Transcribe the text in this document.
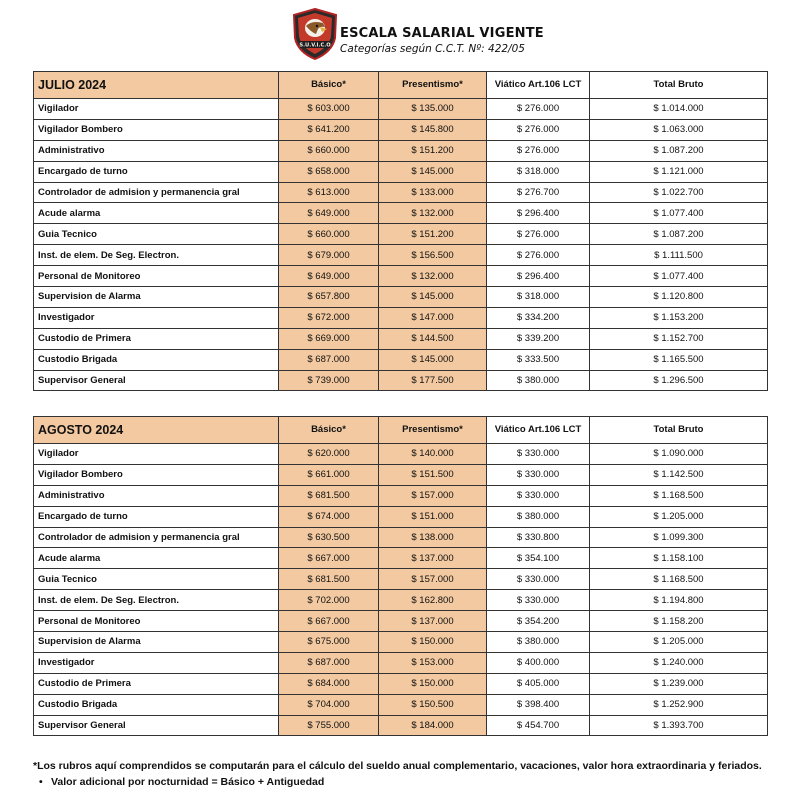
S.U.V.I.C.O
ESCALA SALARIAL VIGENTE
Categorías según C.C.T. Nº: 422/05
JULIO 2024	Básico*	Presentismo*	Viático Art.106 LCT	Total Bruto
Vigilador	$ 603.000	$ 135.000	$ 276.000	$ 1.014.000
Vigilador Bombero	$ 641.200	$ 145.800	$ 276.000	$ 1.063.000
Administrativo	$ 660.000	$ 151.200	$ 276.000	$ 1.087.200
Encargado de turno	$ 658.000	$ 145.000	$ 318.000	$ 1.121.000
Controlador de admision y permanencia gral	$ 613.000	$ 133.000	$ 276.700	$ 1.022.700
Acude alarma	$ 649.000	$ 132.000	$ 296.400	$ 1.077.400
Guia Tecnico	$ 660.000	$ 151.200	$ 276.000	$ 1.087.200
Inst. de elem. De Seg. Electron.	$ 679.000	$ 156.500	$ 276.000	$ 1.111.500
Personal de Monitoreo	$ 649.000	$ 132.000	$ 296.400	$ 1.077.400
Supervision de Alarma	$ 657.800	$ 145.000	$ 318.000	$ 1.120.800
Investigador	$ 672.000	$ 147.000	$ 334.200	$ 1.153.200
Custodio de Primera	$ 669.000	$ 144.500	$ 339.200	$ 1.152.700
Custodio Brigada	$ 687.000	$ 145.000	$ 333.500	$ 1.165.500
Supervisor General	$ 739.000	$ 177.500	$ 380.000	$ 1.296.500
AGOSTO 2024	Básico*	Presentismo*	Viático Art.106 LCT	Total Bruto
Vigilador	$ 620.000	$ 140.000	$ 330.000	$ 1.090.000
Vigilador Bombero	$ 661.000	$ 151.500	$ 330.000	$ 1.142.500
Administrativo	$ 681.500	$ 157.000	$ 330.000	$ 1.168.500
Encargado de turno	$ 674.000	$ 151.000	$ 380.000	$ 1.205.000
Controlador de admision y permanencia gral	$ 630.500	$ 138.000	$ 330.800	$ 1.099.300
Acude alarma	$ 667.000	$ 137.000	$ 354.100	$ 1.158.100
Guia Tecnico	$ 681.500	$ 157.000	$ 330.000	$ 1.168.500
Inst. de elem. De Seg. Electron.	$ 702.000	$ 162.800	$ 330.000	$ 1.194.800
Personal de Monitoreo	$ 667.000	$ 137.000	$ 354.200	$ 1.158.200
Supervision de Alarma	$ 675.000	$ 150.000	$ 380.000	$ 1.205.000
Investigador	$ 687.000	$ 153.000	$ 400.000	$ 1.240.000
Custodio de Primera	$ 684.000	$ 150.000	$ 405.000	$ 1.239.000
Custodio Brigada	$ 704.000	$ 150.500	$ 398.400	$ 1.252.900
Supervisor General	$ 755.000	$ 184.000	$ 454.700	$ 1.393.700
*Los rubros aquí comprendidos se computarán para el cálculo del sueldo anual complementario, vacaciones, valor hora extraordinaria y feriados.
• Valor adicional por nocturnidad = Básico + Antiguedad
